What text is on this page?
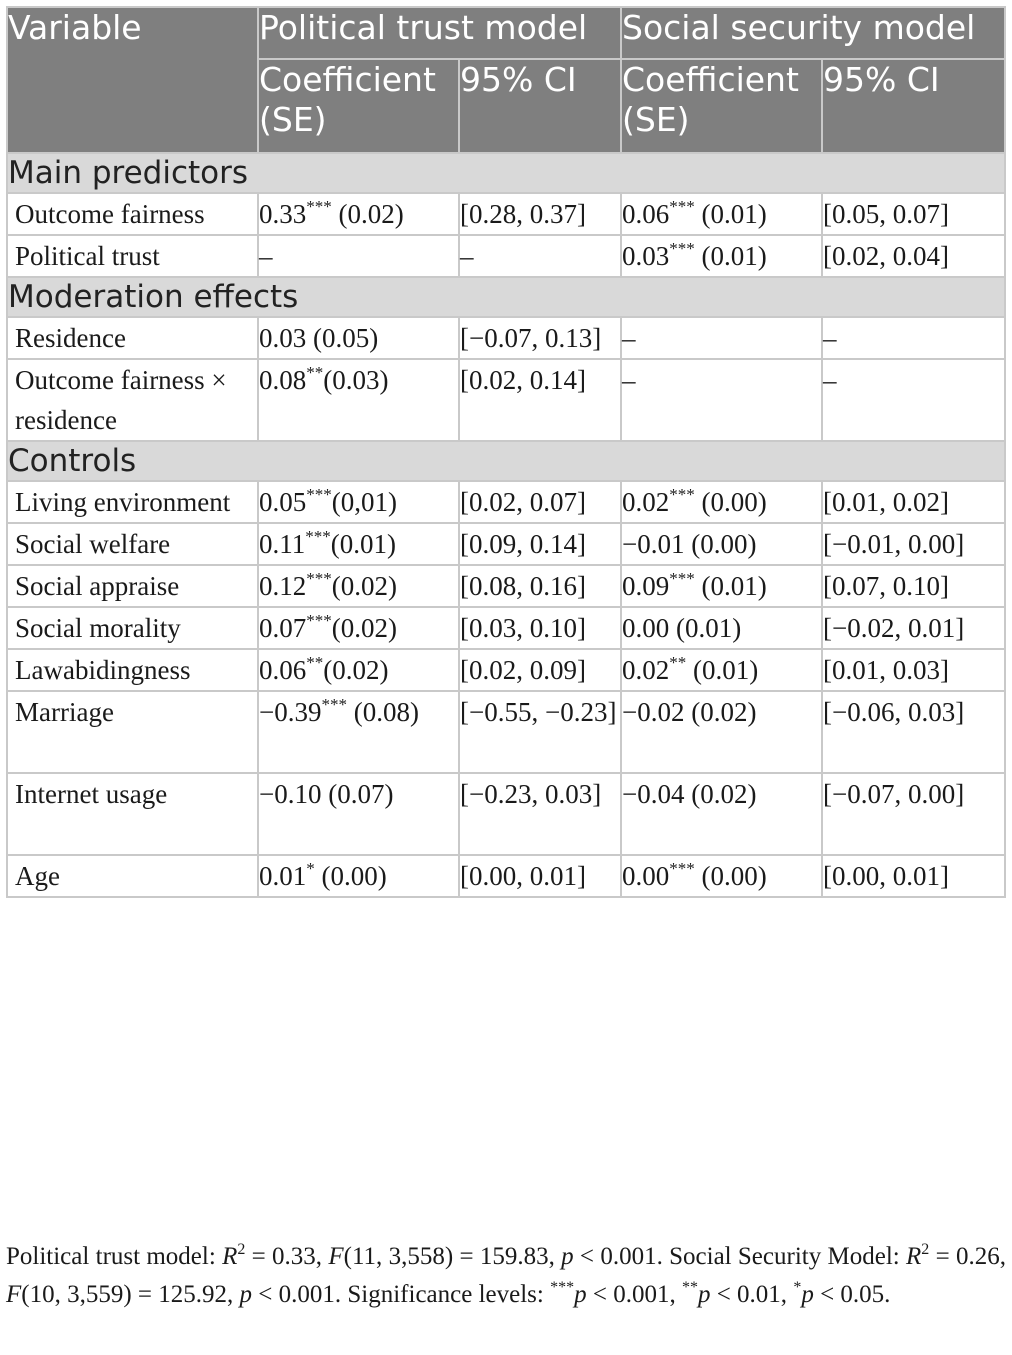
Variable	Political trust model		Social security model	
	Coefficient (SE)	95% CI	Coefficient (SE)	95% CI
Main predictors				
Outcome fairness	0.33*** (0.02)	[0.28, 0.37]	0.06*** (0.01)	[0.05, 0.07]
Political trust	–	–	0.03*** (0.01)	[0.02, 0.04]
Moderation effects				
Residence	0.03 (0.05)	[−0.07, 0.13]	–	–
Outcome fairness × residence	0.08**(0.03)	[0.02, 0.14]	–	–
Controls				
Living environment	0.05***(0,01)	[0.02, 0.07]	0.02*** (0.00)	[0.01, 0.02]
Social welfare	0.11***(0.01)	[0.09, 0.14]	−0.01 (0.00)	[−0.01, 0.00]
Social appraise	0.12***(0.02)	[0.08, 0.16]	0.09*** (0.01)	[0.07, 0.10]
Social morality	0.07***(0.02)	[0.03, 0.10]	0.00 (0.01)	[−0.02, 0.01]
Lawabidingness	0.06**(0.02)	[0.02, 0.09]	0.02** (0.01)	[0.01, 0.03]
Marriage	−0.39*** (0.08)	[−0.55, −0.23]	−0.02 (0.02)	[−0.06, 0.03]
Internet usage	−0.10 (0.07)	[−0.23, 0.03]	−0.04 (0.02)	[−0.07, 0.00]
Age	0.01* (0.00)	[0.00, 0.01]	0.00*** (0.00)	[0.00, 0.01]
Political trust model: $R^2 = 0.33$, F(11, 3,558) = 159.83, p < 0.001. Social Security Model: $R^2 = 0.26$, F(10, 3,559) = 125.92, p < 0.001. Significance levels: ***p < 0.001, **p < 0.01, *p < 0.05.
